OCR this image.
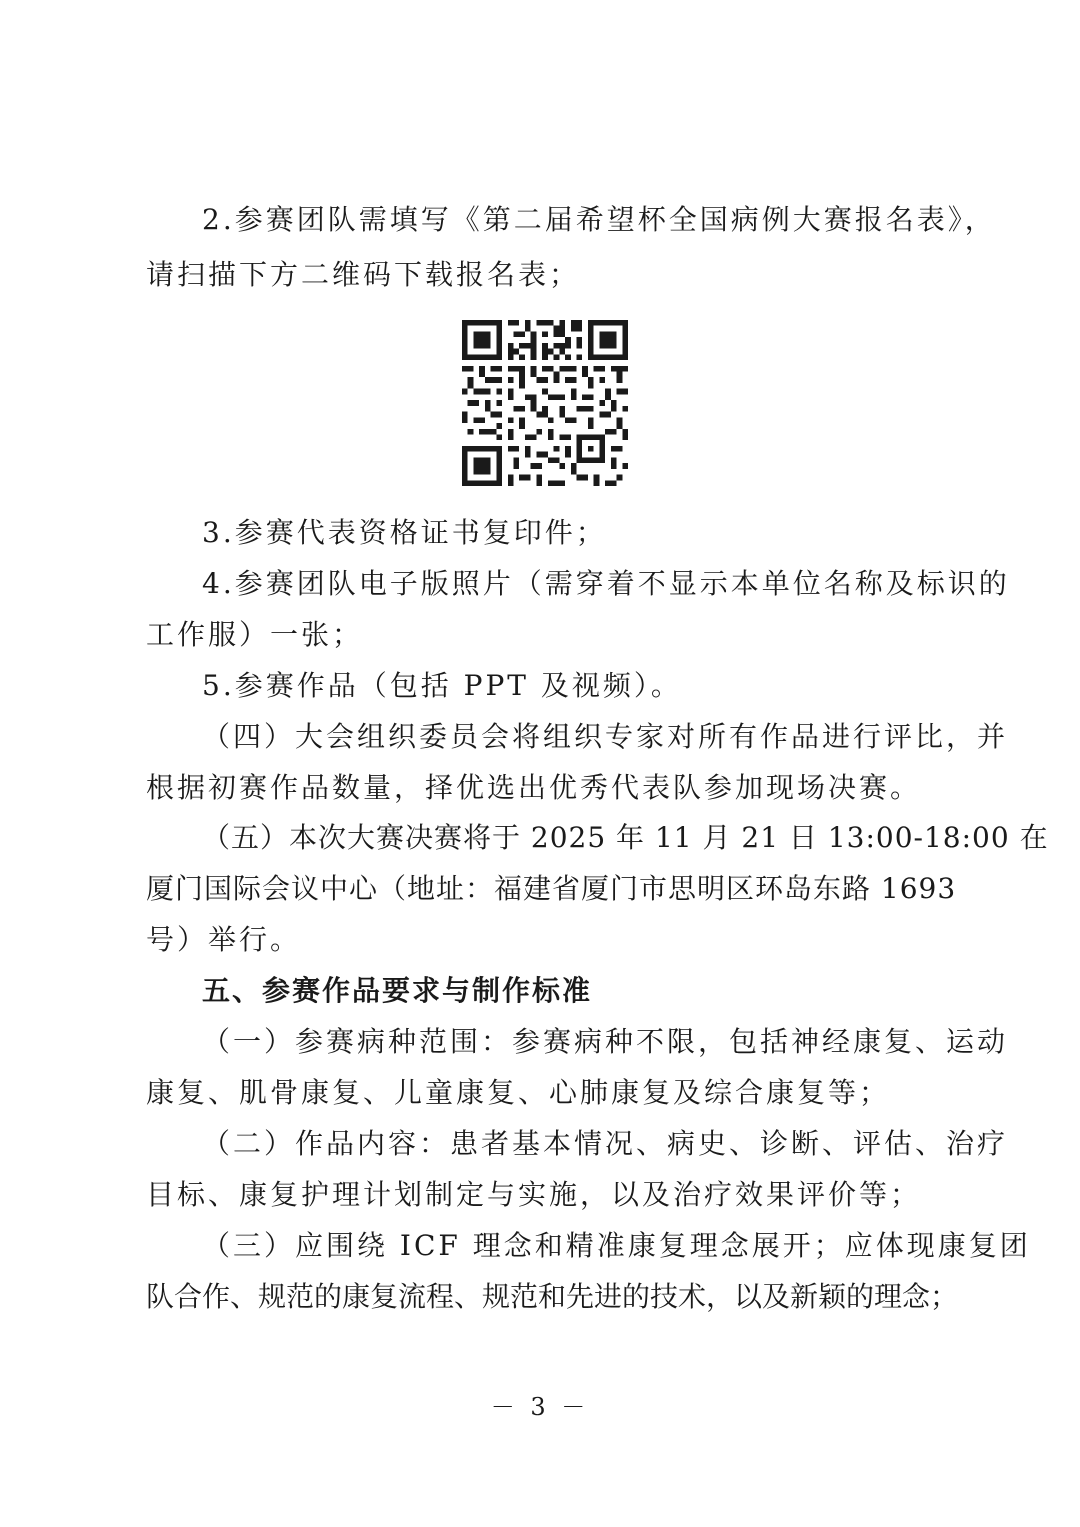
2.参赛团队需填写《第二届希望杯全国病例大赛报名表》，
请扫描下方二维码下载报名表；
3.参赛代表资格证书复印件；
4.参赛团队电子版照片（需穿着不显示本单位名称及标识的
工作服）一张；
5.参赛作品（包括 PPT 及视频）。
（四）大会组织委员会将组织专家对所有作品进行评比，并
根据初赛作品数量，择优选出优秀代表队参加现场决赛。
（五）本次大赛决赛将于 2025 年 11 月 21 日 13:00-18:00 在
厦门国际会议中心（地址：福建省厦门市思明区环岛东路 1693
号）举行。
五、参赛作品要求与制作标准
（一）参赛病种范围：参赛病种不限，包括神经康复、运动
康复、肌骨康复、儿童康复、心肺康复及综合康复等；
（二）作品内容：患者基本情况、病史、诊断、评估、治疗
目标、康复护理计划制定与实施，以及治疗效果评价等；
（三）应围绕 ICF 理念和精准康复理念展开；应体现康复团
队合作、规范的康复流程、规范和先进的技术，以及新颖的理念；
－ 3 －
